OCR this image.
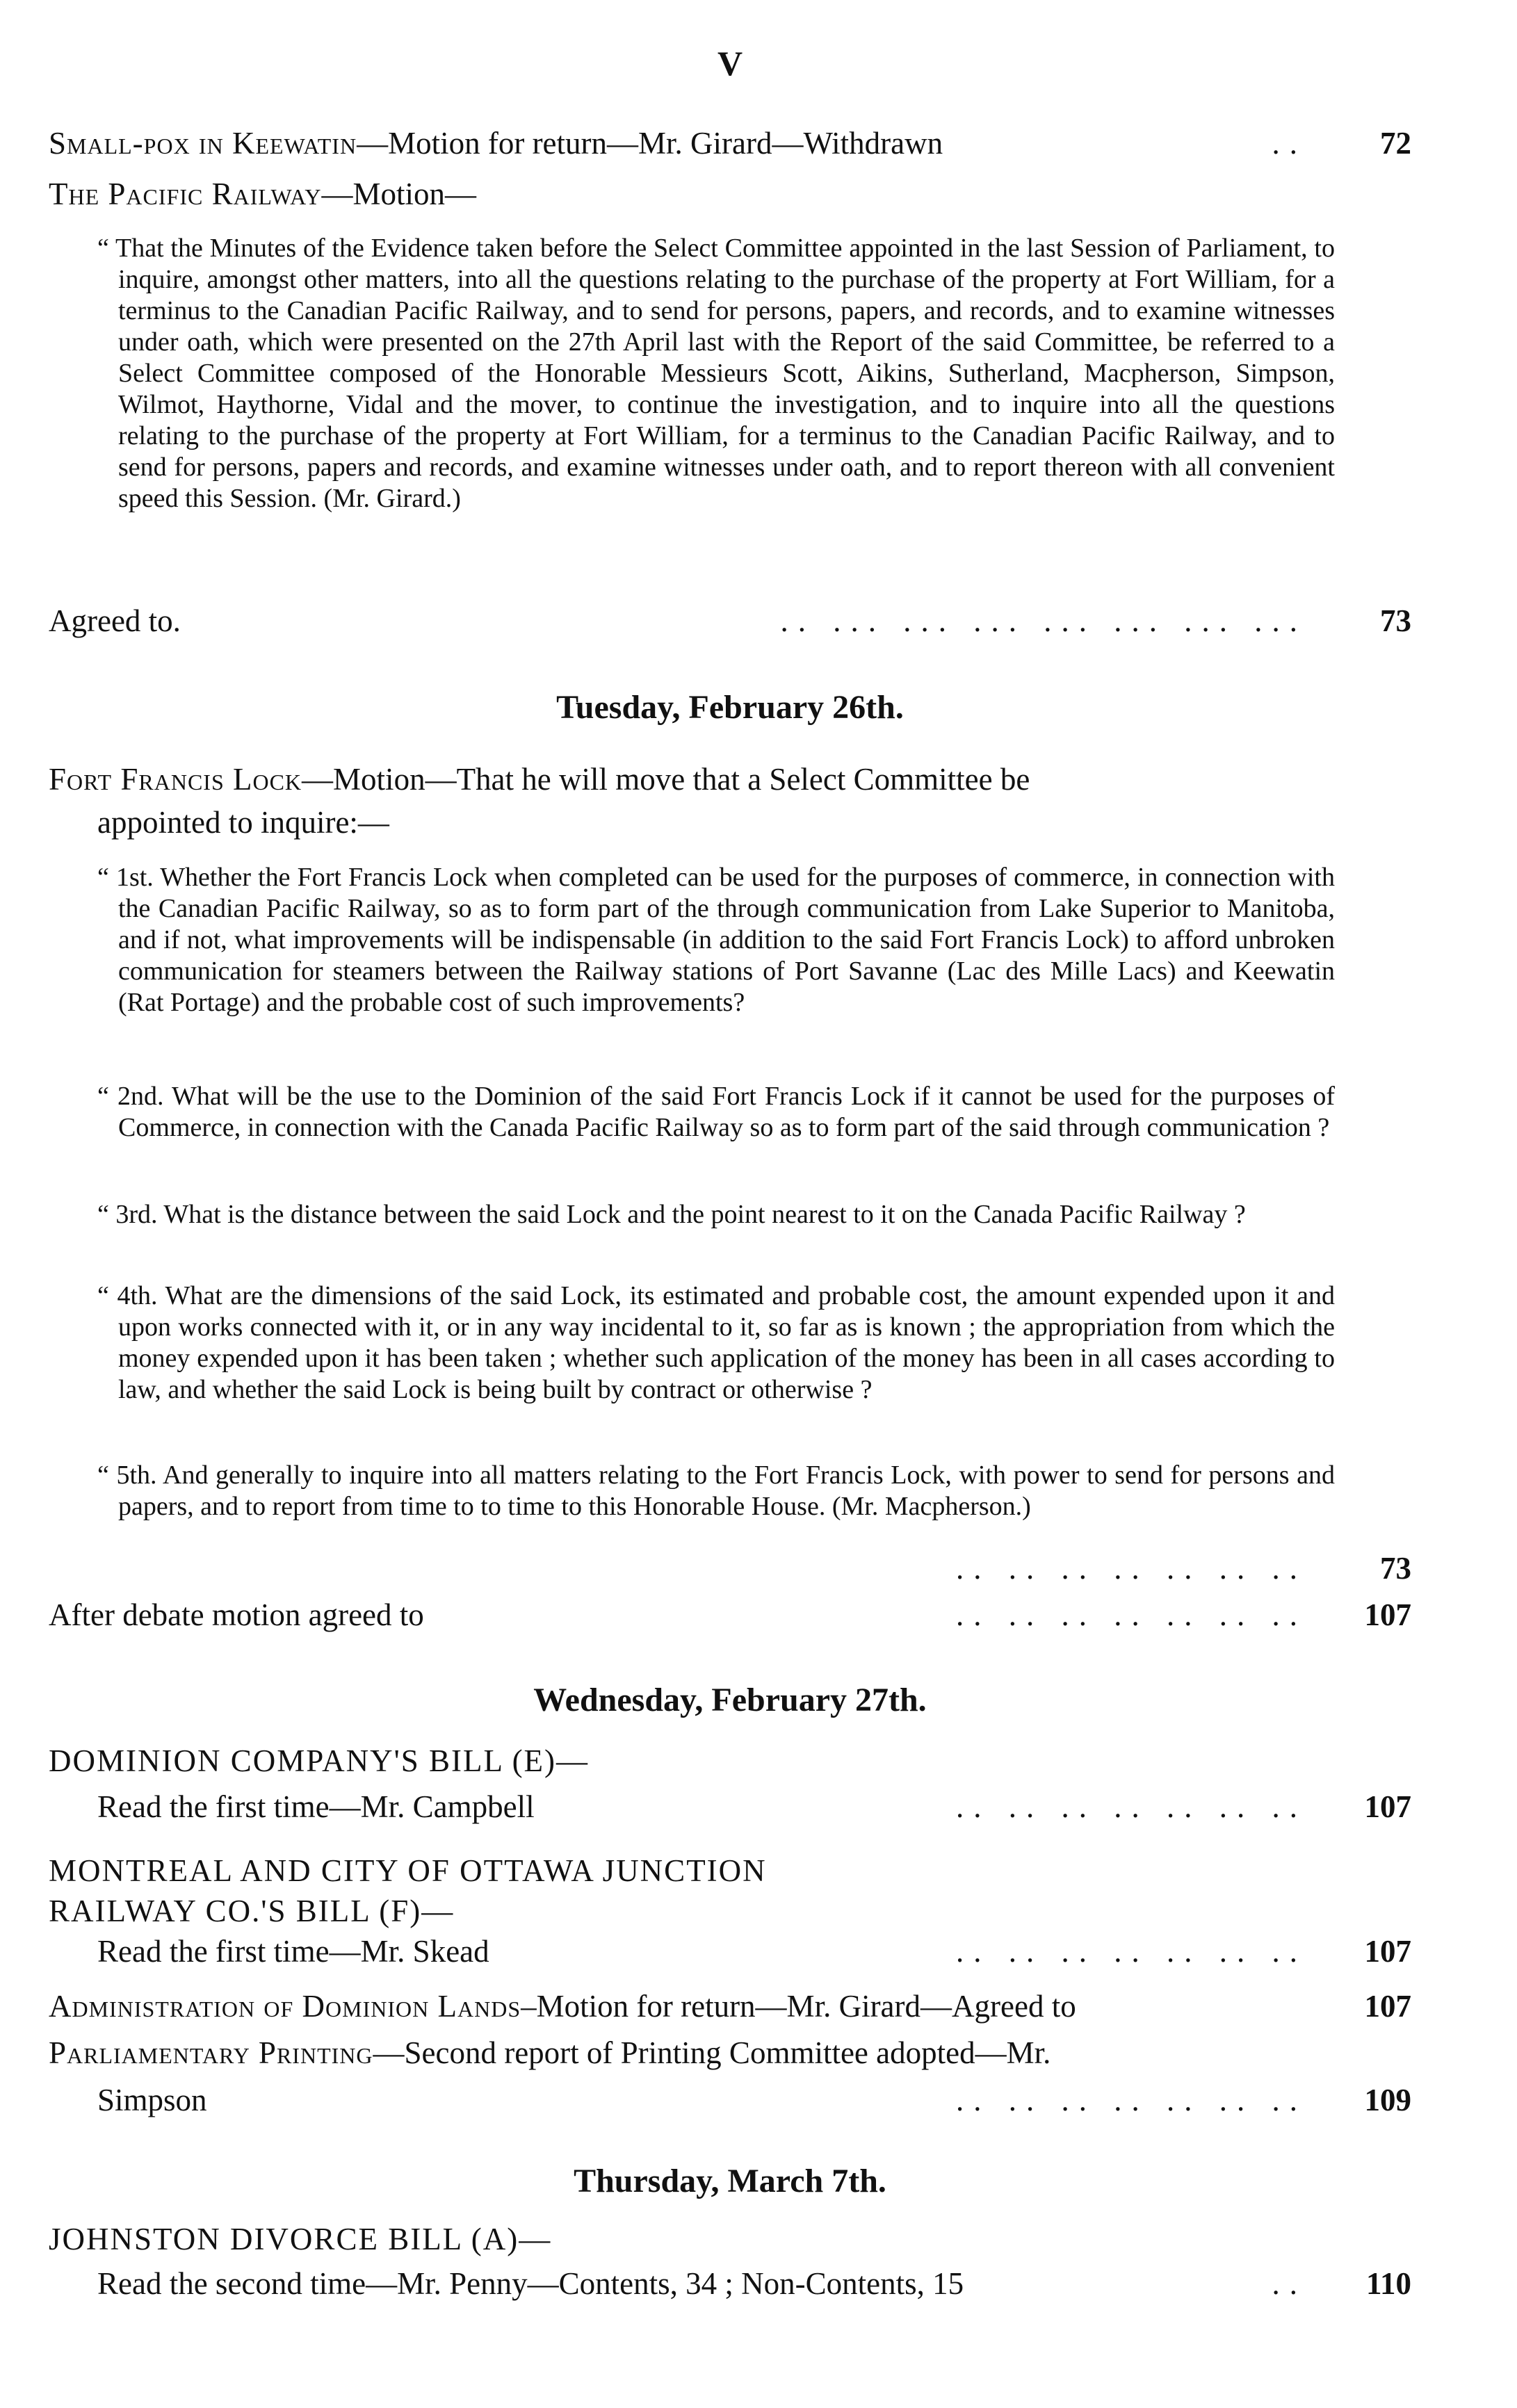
V
Small-pox in Keewatin—Motion for return—Mr. Girard—Withdrawn	..	72
The Pacific Railway—Motion—
“ That the Minutes of the Evidence taken before the Select Committee appointed in the last Session of Parliament, to inquire, amongst other matters, into all the questions relating to the purchase of the property at Fort William, for a terminus to the Canadian Pacific Railway, and to send for persons, papers, and records, and to examine witnesses under oath, which were presented on the 27th April last with the Report of the said Committee, be referred to a Select Committee composed of the Honorable Messieurs Scott, Aikins, Sutherland, Macpherson, Simpson, Wilmot, Haythorne, Vidal and the mover, to continue the investigation, and to inquire into all the questions relating to the purchase of the property at Fort William, for a terminus to the Canadian Pacific Railway, and to send for persons, papers and records, and examine witnesses under oath, and to report thereon with all convenient speed this Session. (Mr. Girard.)
Agreed to.	.. ... ... ... ... ... ... ...	73
Tuesday, February 26th.
Fort Francis Lock—Motion—That he will move that a Select Committee be
appointed to inquire:—
“ 1st. Whether the Fort Francis Lock when completed can be used for the purposes of commerce, in connection with the Canadian Pacific Railway, so as to form part of the through communication from Lake Superior to Manitoba, and if not, what improvements will be indispensable (in addition to the said Fort Francis Lock) to afford unbroken communication for steamers between the Railway stations of Port Savanne (Lac des Mille Lacs) and Keewatin (Rat Portage) and the probable cost of such improvements?
“ 2nd. What will be the use to the Dominion of the said Fort Francis Lock if it cannot be used for the purposes of Commerce, in connection with the Canada Pacific Railway so as to form part of the said through communication ?
“ 3rd. What is the distance between the said Lock and the point nearest to it on the Canada Pacific Railway ?
“ 4th. What are the dimensions of the said Lock, its estimated and probable cost, the amount expended upon it and upon works connected with it, or in any way incidental to it, so far as is known ; the appropriation from which the money expended upon it has been taken ; whether such application of the money has been in all cases according to law, and whether the said Lock is being built by contract or otherwise ?
“ 5th. And generally to inquire into all matters relating to the Fort Francis Lock, with power to send for persons and papers, and to report from time to to time to this Honorable House. (Mr. Macpherson.)
.. .. .. .. .. .. ..	73
After debate motion agreed to	.. .. .. .. .. .. ..	107
Wednesday, February 27th.
DOMINION COMPANY'S BILL (E)—
Read the first time—Mr. Campbell	.. .. .. .. .. .. ..	107
MONTREAL AND CITY OF OTTAWA JUNCTION
RAILWAY CO.'S BILL (F)—
Read the first time—Mr. Skead	.. .. .. .. .. .. ..	107
Administration of Dominion Lands–Motion for return—Mr. Girard—Agreed to	107
Parliamentary Printing—Second report of Printing Committee adopted—Mr.
Simpson	.. .. .. .. .. .. ..	109
Thursday, March 7th.
JOHNSTON DIVORCE BILL (A)—
Read the second time—Mr. Penny—Contents, 34 ; Non-Contents, 15	..	110
